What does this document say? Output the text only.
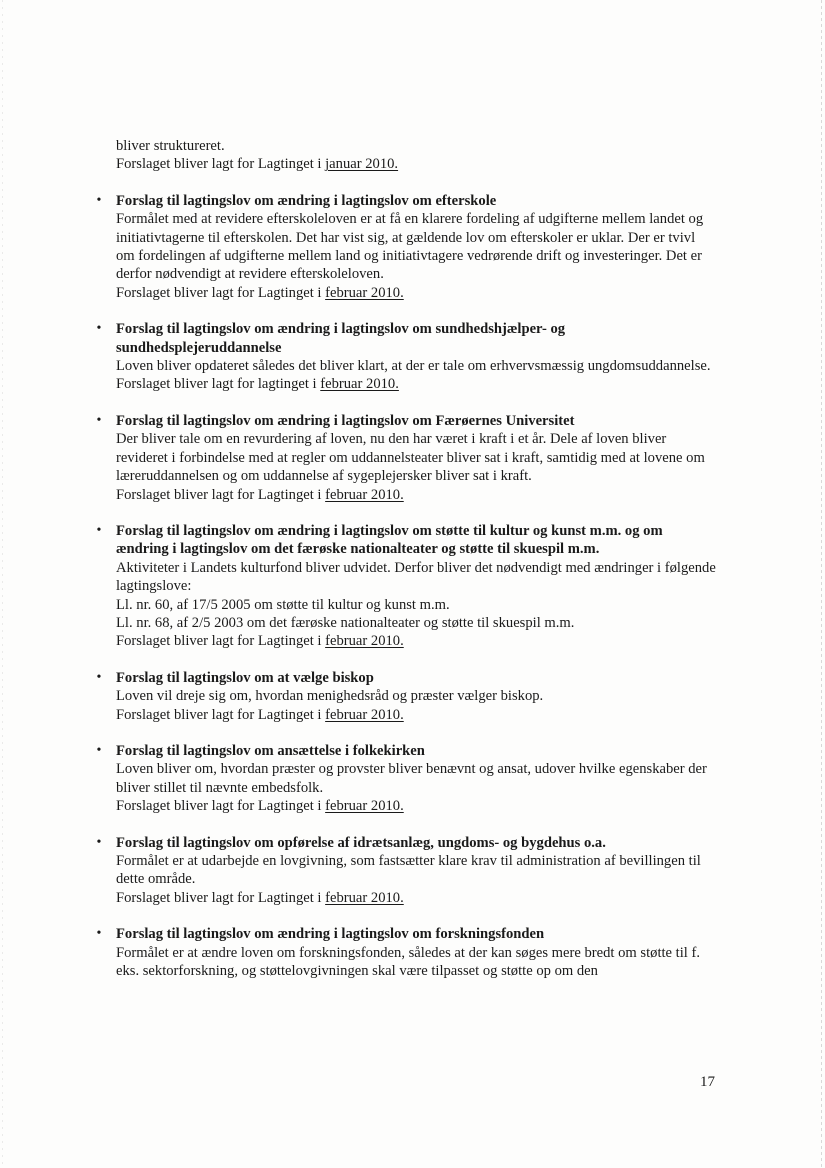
bliver struktureret.

Forslaget bliver lagt for Lagtinget i januar 2010.

• Forslag til lagtingslov om ændring i lagtingslov om efterskole

Formålet med at revidere efterskoleloven er at få en klarere fordeling af udgifterne mellem landet og initiativtagerne til efterskolen. Det har vist sig, at gældende lov om efterskoler er uklar. Der er tvivl om fordelingen af udgifterne mellem land og initiativtagere vedrørende drift og investeringer. Det er derfor nødvendigt at revidere efterskoleloven.

Forslaget bliver lagt for Lagtinget i februar 2010.

• Forslag til lagtingslov om ændring i lagtingslov om sundhedshjælper- og sundhedsplejeruddannelse

Loven bliver opdateret således det bliver klart, at der er tale om erhvervsmæssig ungdomsuddannelse.

Forslaget bliver lagt for lagtinget i februar 2010.

• Forslag til lagtingslov om ændring i lagtingslov om Færøernes Universitet

Der bliver tale om en revurdering af loven, nu den har været i kraft i et år. Dele af loven bliver revideret i forbindelse med at regler om uddannelsteater bliver sat i kraft, samtidig med at lovene om læreruddannelsen og om uddannelse af sygeplejersker bliver sat i kraft.

Forslaget bliver lagt for Lagtinget i februar 2010.

• Forslag til lagtingslov om ændring i lagtingslov om støtte til kultur og kunst m.m. og om ændring i lagtingslov om det færøske nationalteater og støtte til skuespil m.m.

Aktiviteter i Landets kulturfond bliver udvidet. Derfor bliver det nødvendigt med ændringer i følgende lagtingslove:

Ll. nr. 60, af 17/5 2005 om støtte til kultur og kunst m.m.

Ll. nr. 68, af 2/5 2003 om det færøske nationalteater og støtte til skuespil m.m.

Forslaget bliver lagt for Lagtinget i februar 2010.

• Forslag til lagtingslov om at vælge biskop

Loven vil dreje sig om, hvordan menighedsråd og præster vælger biskop.

Forslaget bliver lagt for Lagtinget i februar 2010.

• Forslag til lagtingslov om ansættelse i folkekirken

Loven bliver om, hvordan præster og provster bliver benævnt og ansat, udover hvilke egenskaber der bliver stillet til nævnte embedsfolk.

Forslaget bliver lagt for Lagtinget i februar 2010.

• Forslag til lagtingslov om opførelse af idrætsanlæg, ungdoms- og bygdehus o.a.

Formålet er at udarbejde en lovgivning, som fastsætter klare krav til administration af bevillingen til dette område.

Forslaget bliver lagt for Lagtinget i februar 2010.

• Forslag til lagtingslov om ændring i lagtingslov om forskningsfonden

Formålet er at ændre loven om forskningsfonden, således at der kan søges mere bredt om støtte til f. eks. sektorforskning, og støttelovgivningen skal være tilpasset og støtte op om den

17
